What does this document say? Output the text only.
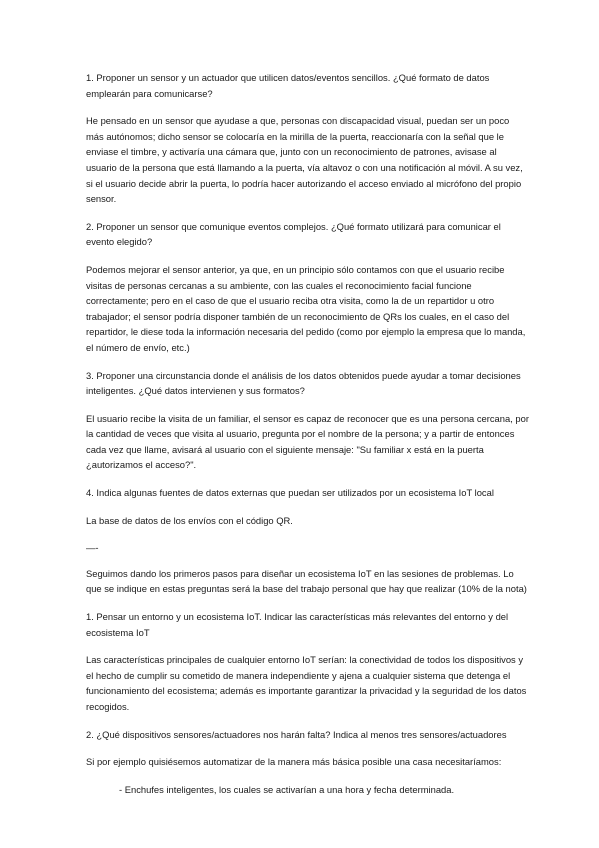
1. Proponer un sensor y un actuador que utilicen datos/eventos sencillos. ¿Qué formato de datos emplearán para comunicarse?

He pensado en un sensor que ayudase a que, personas con discapacidad visual, puedan ser un poco más autónomos; dicho sensor se colocaría en la mirilla de la puerta, reaccionaría con la señal que le enviase el timbre, y activaría una cámara que, junto con un reconocimiento de patrones, avisase al usuario de la persona que está llamando a la puerta, vía altavoz o con una notificación al móvil. A su vez, si el usuario decide abrir la puerta, lo podría hacer autorizando el acceso enviado al micrófono del propio sensor.

2. Proponer un sensor que comunique eventos complejos. ¿Qué formato utilizará para comunicar el evento elegido?

Podemos mejorar el sensor anterior, ya que, en un principio sólo contamos con que el usuario recibe visitas de personas cercanas a su ambiente, con las cuales el reconocimiento facial funcione correctamente; pero en el caso de que el usuario reciba otra visita, como la de un repartidor u otro trabajador; el sensor podría disponer también de un reconocimiento de QRs los cuales, en el caso del repartidor, le diese toda la información necesaria del pedido (como por ejemplo la empresa que lo manda, el número de envío, etc.)

3. Proponer una circunstancia donde el análisis de los datos obtenidos puede ayudar a tomar decisiones inteligentes. ¿Qué datos intervienen y sus formatos?

El usuario recibe la visita de un familiar, el sensor es capaz de reconocer que es una persona cercana, por la cantidad de veces que visita al usuario, pregunta por el nombre de la persona; y a partir de entonces cada vez que llame, avisará al usuario con el siguiente mensaje: "Su familiar x está en la puerta ¿autorizamos el acceso?".

4. Indica algunas fuentes de datos externas que puedan ser utilizados por un ecosistema IoT local

La base de datos de los envíos con el código QR.

—-

Seguimos dando los primeros pasos para diseñar un ecosistema IoT en las sesiones de problemas. Lo que se indique en estas preguntas será la base del trabajo personal que hay que realizar (10% de la nota)

1. Pensar un entorno y un ecosistema IoT. Indicar las características más relevantes del entorno y del ecosistema IoT

Las características principales de cualquier entorno IoT serían: la conectividad de todos los dispositivos y el hecho de cumplir su cometido de manera independiente y ajena a cualquier sistema que detenga el funcionamiento del ecosistema; además es importante garantizar la privacidad y la seguridad de los datos recogidos.

2. ¿Qué dispositivos sensores/actuadores nos harán falta? Indica al menos tres sensores/actuadores

Si por ejemplo quisiésemos automatizar de la manera más básica posible una casa necesitaríamos:

- Enchufes inteligentes, los cuales se activarían a una hora y fecha determinada.
